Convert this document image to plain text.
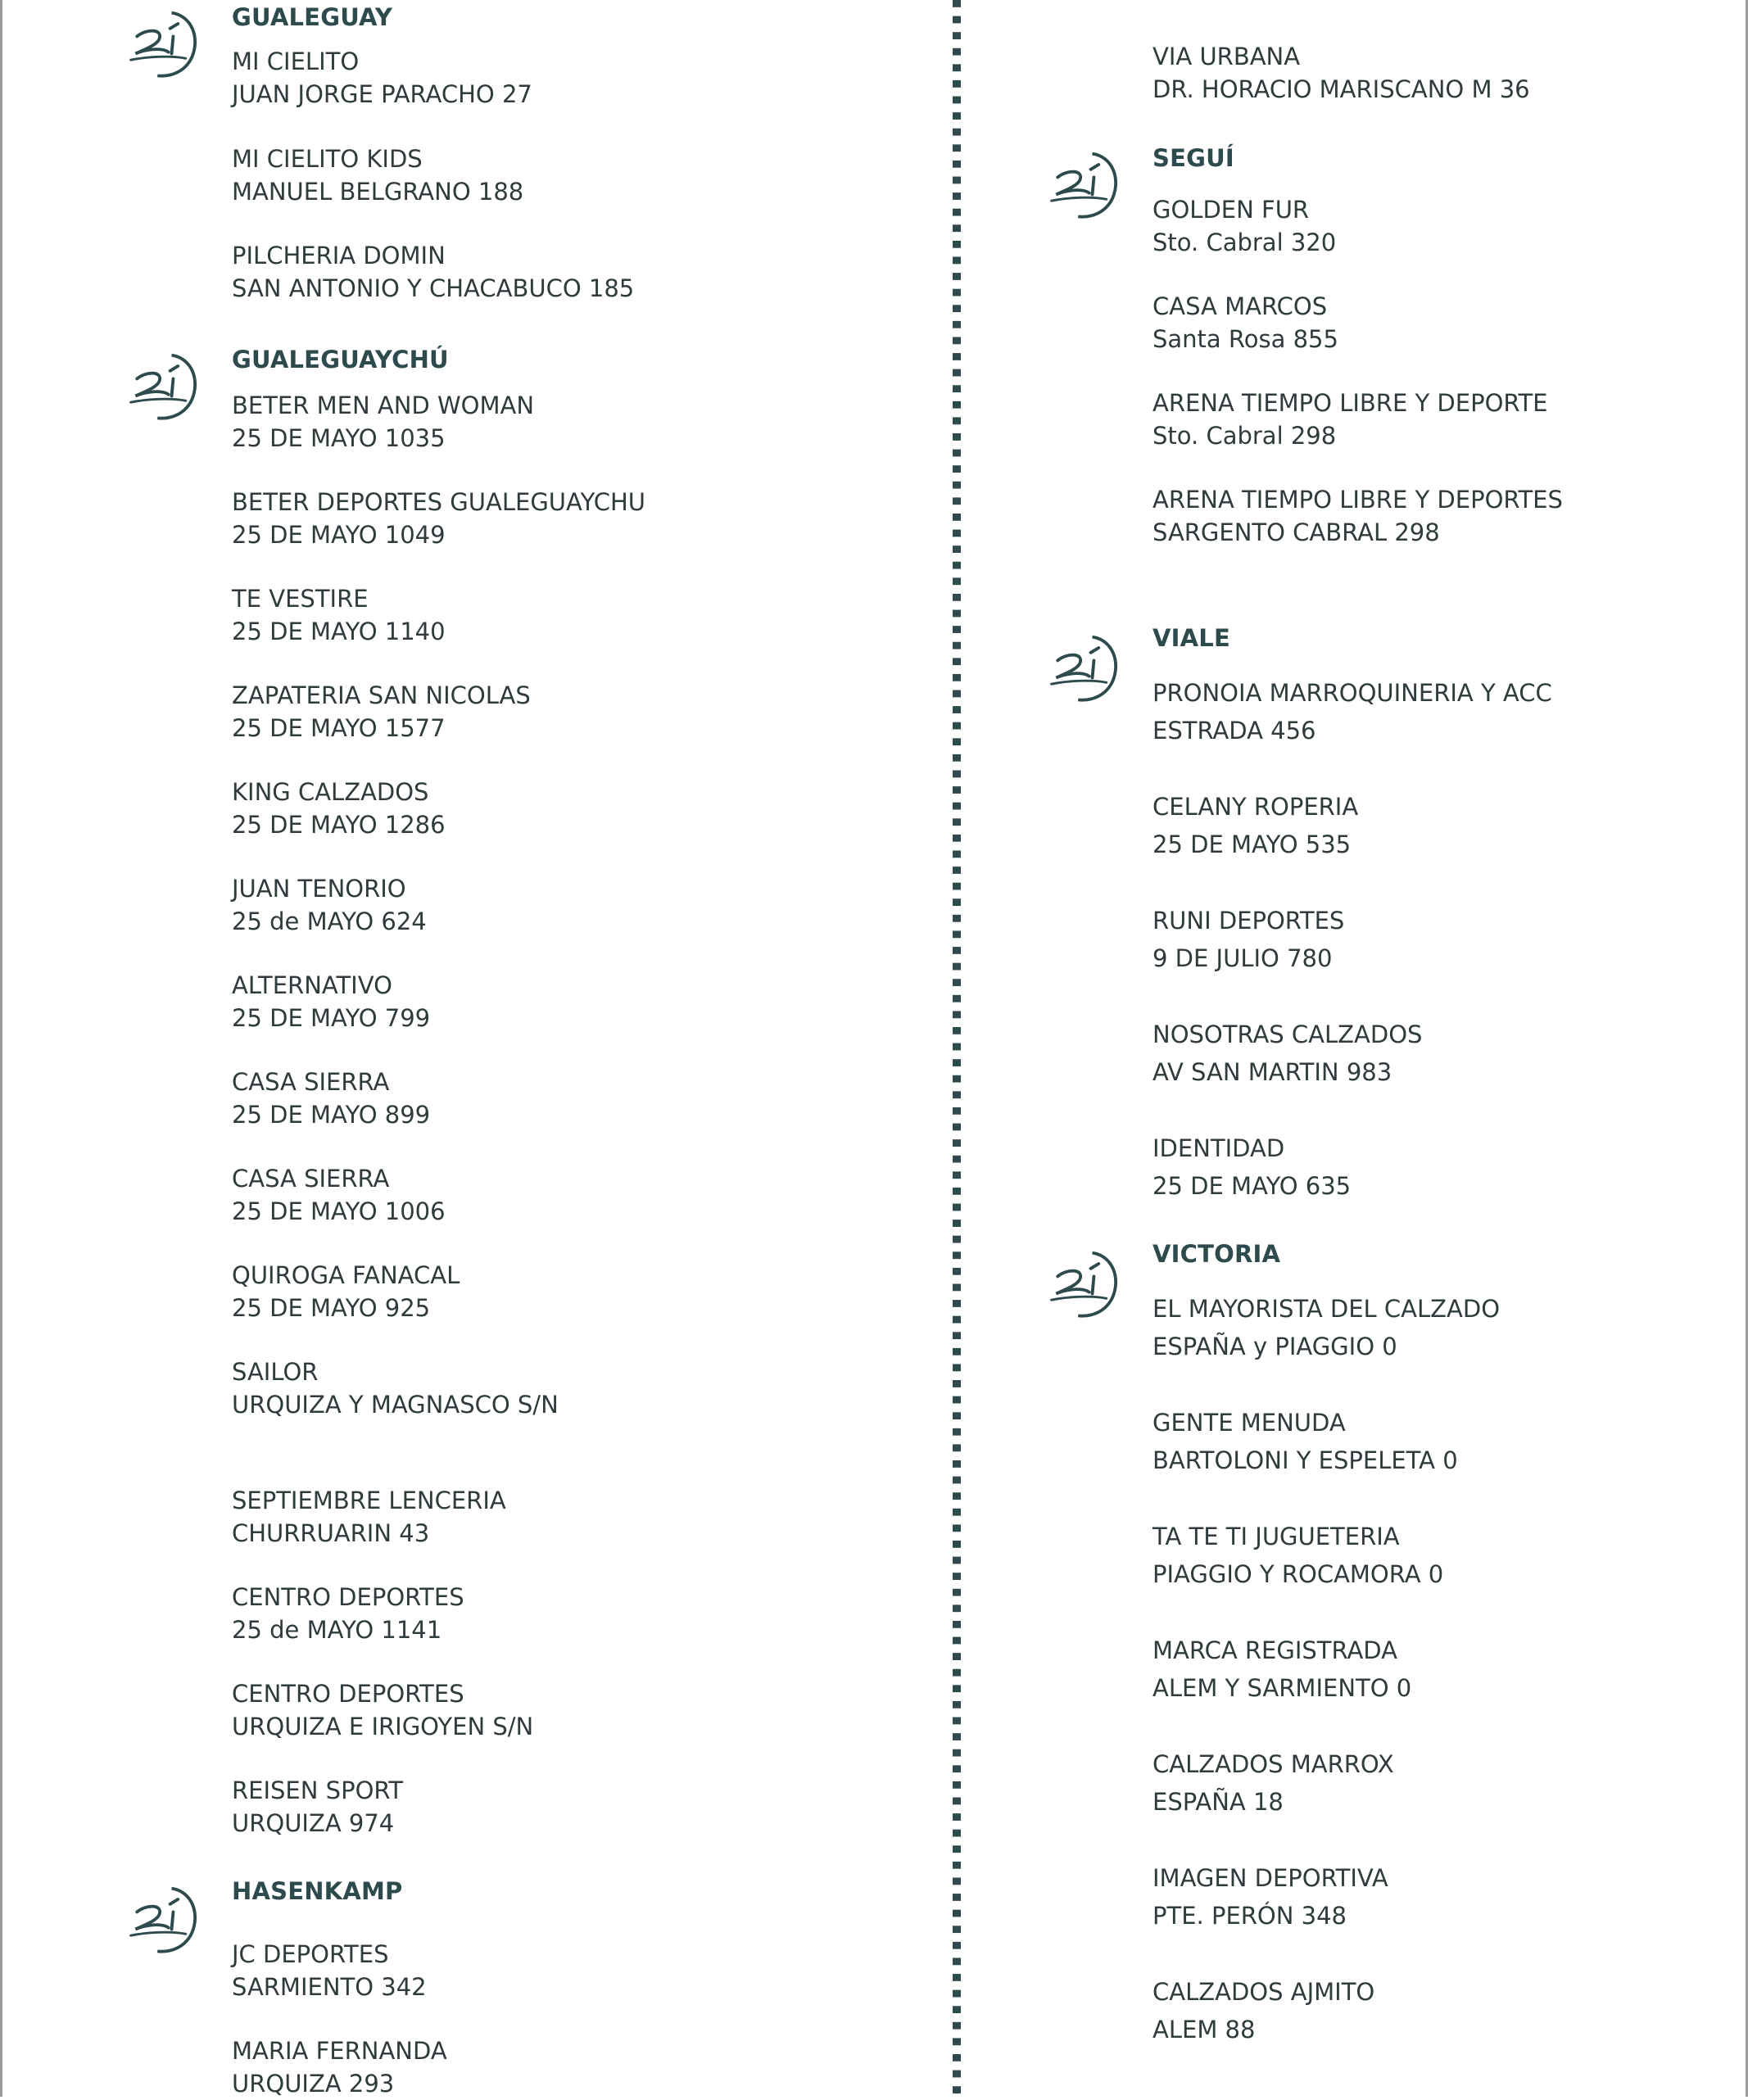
GUALEGUAY
MI CIELITO
JUAN JORGE PARACHO 27
MI CIELITO KIDS
MANUEL BELGRANO 188
PILCHERIA DOMIN
SAN ANTONIO Y CHACABUCO 185
GUALEGUAYCHÚ
BETER MEN AND WOMAN
25 DE MAYO 1035
BETER DEPORTES GUALEGUAYCHU
25 DE MAYO 1049
TE VESTIRE
25 DE MAYO 1140
ZAPATERIA SAN NICOLAS
25 DE MAYO 1577
KING CALZADOS
25 DE MAYO 1286
JUAN TENORIO
25 de MAYO 624
ALTERNATIVO
25 DE MAYO 799
CASA SIERRA
25 DE MAYO 899
CASA SIERRA
25 DE MAYO 1006
QUIROGA FANACAL
25 DE MAYO 925
SAILOR
URQUIZA Y MAGNASCO S/N
SEPTIEMBRE LENCERIA
CHURRUARIN 43
CENTRO DEPORTES
25 de MAYO 1141
CENTRO DEPORTES
URQUIZA E IRIGOYEN S/N
REISEN SPORT
URQUIZA 974
HASENKAMP
JC DEPORTES
SARMIENTO 342
MARIA FERNANDA
URQUIZA 293
VIA URBANA
DR. HORACIO MARISCANO M 36
SEGUÍ
GOLDEN FUR
Sto. Cabral 320
CASA MARCOS
Santa Rosa 855
ARENA TIEMPO LIBRE Y DEPORTE
Sto. Cabral 298
ARENA TIEMPO LIBRE Y DEPORTES
SARGENTO CABRAL 298
VIALE
PRONOIA MARROQUINERIA Y ACC
ESTRADA 456
CELANY ROPERIA
25 DE MAYO 535
RUNI DEPORTES
9 DE JULIO 780
NOSOTRAS CALZADOS
AV SAN MARTIN 983
IDENTIDAD
25 DE MAYO 635
VICTORIA
EL MAYORISTA DEL CALZADO
ESPAÑA y PIAGGIO 0
GENTE MENUDA
BARTOLONI Y ESPELETA 0
TA TE TI JUGUETERIA
PIAGGIO Y ROCAMORA 0
MARCA REGISTRADA
ALEM Y SARMIENTO 0
CALZADOS MARROX
ESPAÑA 18
IMAGEN DEPORTIVA
PTE. PERÓN 348
CALZADOS AJMITO
ALEM 88
